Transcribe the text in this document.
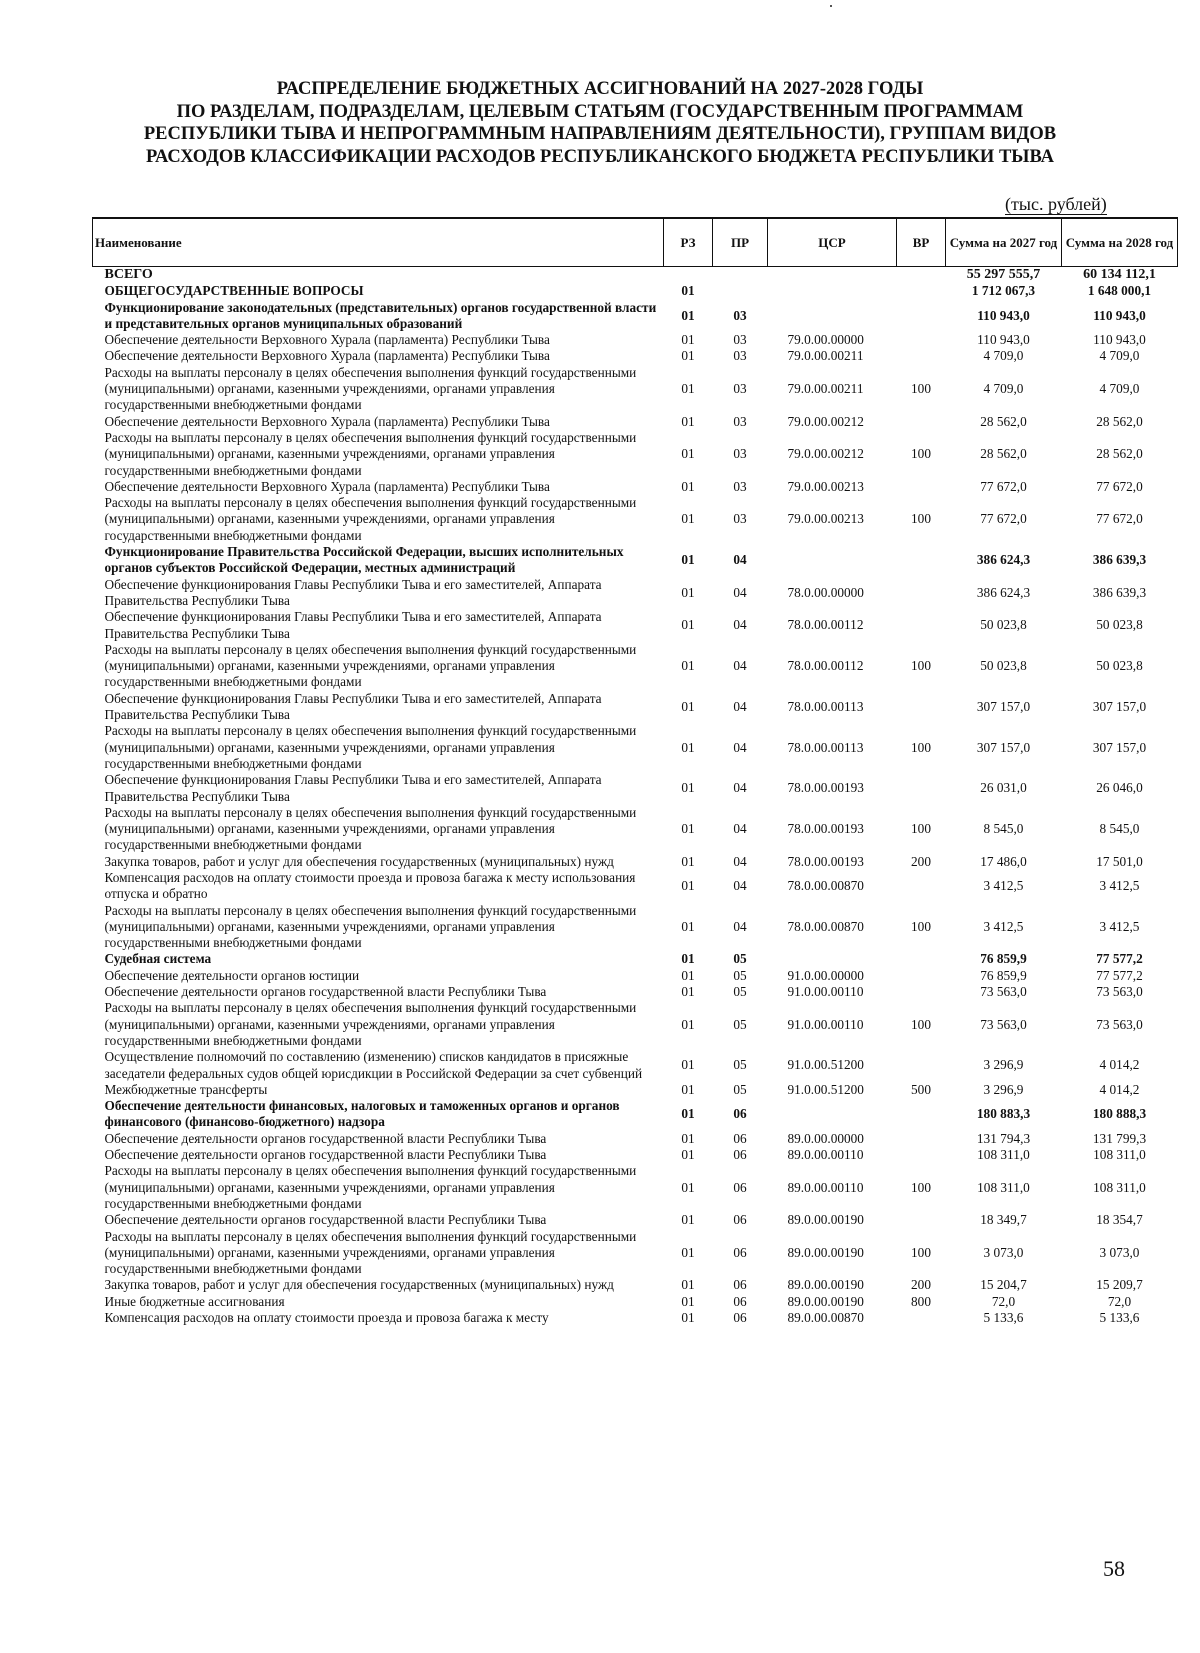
РАСПРЕДЕЛЕНИЕ БЮДЖЕТНЫХ АССИГНОВАНИЙ НА 2027-2028 ГОДЫ
ПО РАЗДЕЛАМ, ПОДРАЗДЕЛАМ, ЦЕЛЕВЫМ СТАТЬЯМ (ГОСУДАРСТВЕННЫМ ПРОГРАММАМ
РЕСПУБЛИКИ ТЫВА И НЕПРОГРАММНЫМ НАПРАВЛЕНИЯМ ДЕЯТЕЛЬНОСТИ), ГРУППАМ ВИДОВ
РАСХОДОВ КЛАССИФИКАЦИИ РАСХОДОВ РЕСПУБЛИКАНСКОГО БЮДЖЕТА РЕСПУБЛИКИ ТЫВА
(тыс. рублей)
Наименование	РЗ	ПР	ЦСР	ВР	Сумма на 2027 год	Сумма на 2028 год
ВСЕГО					55 297 555,7	60 134 112,1
ОБЩЕГОСУДАРСТВЕННЫЕ ВОПРОСЫ	01				1 712 067,3	1 648 000,1
Функционирование законодательных (представительных) органов государственной власти и представительных органов муниципальных образований	01	03			110 943,0	110 943,0
Обеспечение деятельности Верховного Хурала (парламента) Республики Тыва	01	03	79.0.00.00000		110 943,0	110 943,0
Обеспечение деятельности Верховного Хурала (парламента) Республики Тыва	01	03	79.0.00.00211		4 709,0	4 709,0
Расходы на выплаты персоналу в целях обеспечения выполнения функций государственными (муниципальными) органами, казенными учреждениями, органами управления государственными внебюджетными фондами	01	03	79.0.00.00211	100	4 709,0	4 709,0
Обеспечение деятельности Верховного Хурала (парламента) Республики Тыва	01	03	79.0.00.00212		28 562,0	28 562,0
Расходы на выплаты персоналу в целях обеспечения выполнения функций государственными (муниципальными) органами, казенными учреждениями, органами управления государственными внебюджетными фондами	01	03	79.0.00.00212	100	28 562,0	28 562,0
Обеспечение деятельности Верховного Хурала (парламента) Республики Тыва	01	03	79.0.00.00213		77 672,0	77 672,0
Расходы на выплаты персоналу в целях обеспечения выполнения функций государственными (муниципальными) органами, казенными учреждениями, органами управления государственными внебюджетными фондами	01	03	79.0.00.00213	100	77 672,0	77 672,0
Функционирование Правительства Российской Федерации, высших исполнительных органов субъектов Российской Федерации, местных администраций	01	04			386 624,3	386 639,3
Обеспечение функционирования Главы Республики Тыва и его заместителей, Аппарата Правительства Республики Тыва	01	04	78.0.00.00000		386 624,3	386 639,3
Обеспечение функционирования Главы Республики Тыва и его заместителей, Аппарата Правительства Республики Тыва	01	04	78.0.00.00112		50 023,8	50 023,8
Расходы на выплаты персоналу в целях обеспечения выполнения функций государственными (муниципальными) органами, казенными учреждениями, органами управления государственными внебюджетными фондами	01	04	78.0.00.00112	100	50 023,8	50 023,8
Обеспечение функционирования Главы Республики Тыва и его заместителей, Аппарата Правительства Республики Тыва	01	04	78.0.00.00113		307 157,0	307 157,0
Расходы на выплаты персоналу в целях обеспечения выполнения функций государственными (муниципальными) органами, казенными учреждениями, органами управления государственными внебюджетными фондами	01	04	78.0.00.00113	100	307 157,0	307 157,0
Обеспечение функционирования Главы Республики Тыва и его заместителей, Аппарата Правительства Республики Тыва	01	04	78.0.00.00193		26 031,0	26 046,0
Расходы на выплаты персоналу в целях обеспечения выполнения функций государственными (муниципальными) органами, казенными учреждениями, органами управления государственными внебюджетными фондами	01	04	78.0.00.00193	100	8 545,0	8 545,0
Закупка товаров, работ и услуг для обеспечения государственных (муниципальных) нужд	01	04	78.0.00.00193	200	17 486,0	17 501,0
Компенсация расходов на оплату стоимости проезда и провоза багажа к месту использования отпуска и обратно	01	04	78.0.00.00870		3 412,5	3 412,5
Расходы на выплаты персоналу в целях обеспечения выполнения функций государственными (муниципальными) органами, казенными учреждениями, органами управления государственными внебюджетными фондами	01	04	78.0.00.00870	100	3 412,5	3 412,5
Судебная система	01	05			76 859,9	77 577,2
Обеспечение деятельности органов юстиции	01	05	91.0.00.00000		76 859,9	77 577,2
Обеспечение деятельности органов государственной власти Республики Тыва	01	05	91.0.00.00110		73 563,0	73 563,0
Расходы на выплаты персоналу в целях обеспечения выполнения функций государственными (муниципальными) органами, казенными учреждениями, органами управления государственными внебюджетными фондами	01	05	91.0.00.00110	100	73 563,0	73 563,0
Осуществление полномочий по составлению (изменению) списков кандидатов в присяжные заседатели федеральных судов общей юрисдикции в Российской Федерации за счет субвенций	01	05	91.0.00.51200		3 296,9	4 014,2
Межбюджетные трансферты	01	05	91.0.00.51200	500	3 296,9	4 014,2
Обеспечение деятельности финансовых, налоговых и таможенных органов и органов финансового (финансово-бюджетного) надзора	01	06			180 883,3	180 888,3
Обеспечение деятельности органов государственной власти Республики Тыва	01	06	89.0.00.00000		131 794,3	131 799,3
Обеспечение деятельности органов государственной власти Республики Тыва	01	06	89.0.00.00110		108 311,0	108 311,0
Расходы на выплаты персоналу в целях обеспечения выполнения функций государственными (муниципальными) органами, казенными учреждениями, органами управления государственными внебюджетными фондами	01	06	89.0.00.00110	100	108 311,0	108 311,0
Обеспечение деятельности органов государственной власти Республики Тыва	01	06	89.0.00.00190		18 349,7	18 354,7
Расходы на выплаты персоналу в целях обеспечения выполнения функций государственными (муниципальными) органами, казенными учреждениями, органами управления государственными внебюджетными фондами	01	06	89.0.00.00190	100	3 073,0	3 073,0
Закупка товаров, работ и услуг для обеспечения государственных (муниципальных) нужд	01	06	89.0.00.00190	200	15 204,7	15 209,7
Иные бюджетные ассигнования	01	06	89.0.00.00190	800	72,0	72,0
Компенсация расходов на оплату стоимости проезда и провоза багажа к месту	01	06	89.0.00.00870		5 133,6	5 133,6
58
